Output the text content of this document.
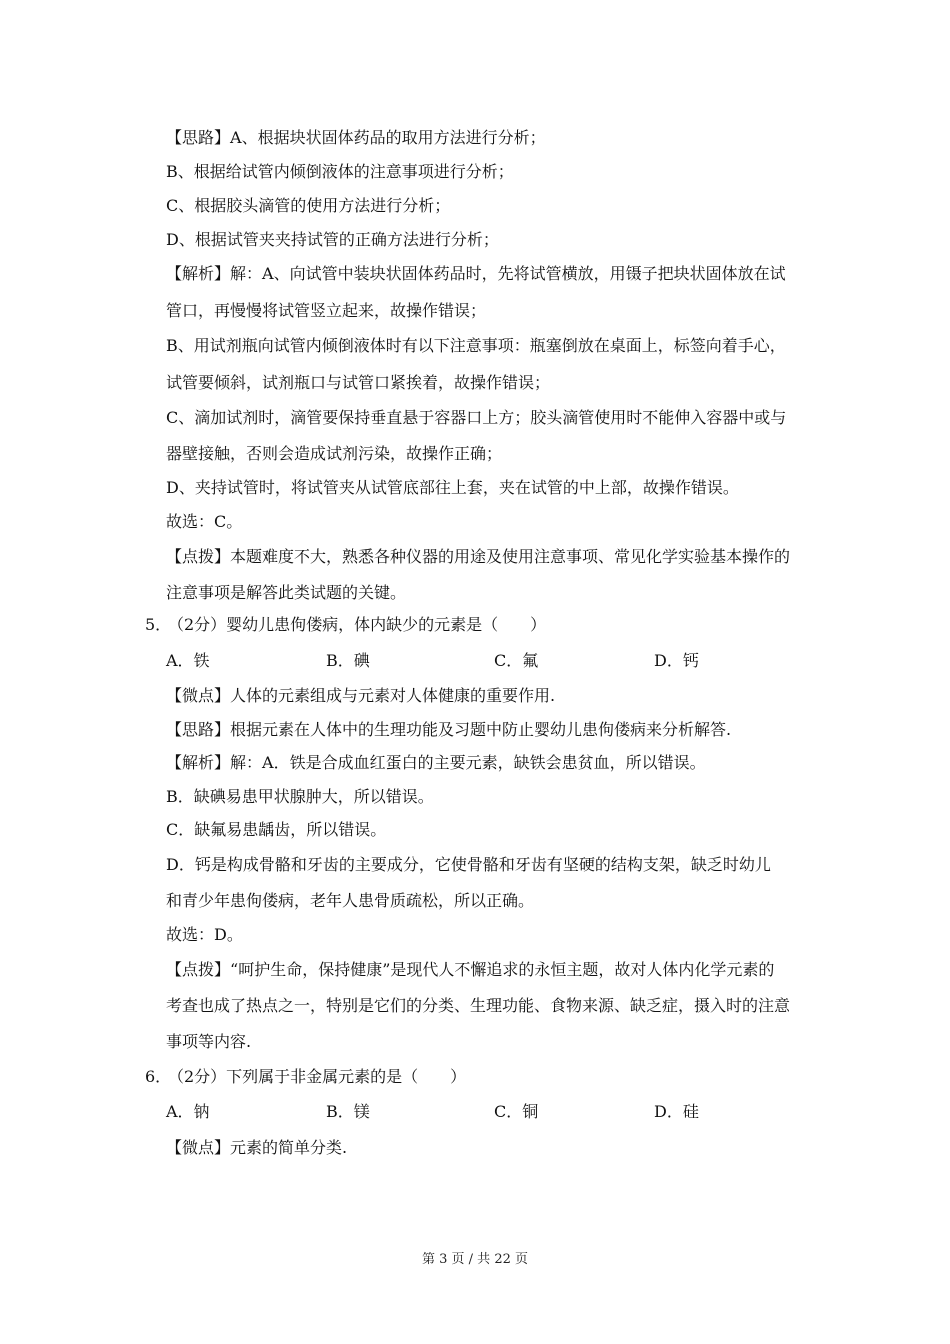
【思路】A、根据块状固体药品的取用方法进行分析；
B、根据给试管内倾倒液体的注意事项进行分析；
C、根据胶头滴管的使用方法进行分析；
D、根据试管夹夹持试管的正确方法进行分析；
【解析】解：A、向试管中装块状固体药品时，先将试管横放，用镊子把块状固体放在试
管口，再慢慢将试管竖立起来，故操作错误；
B、用试剂瓶向试管内倾倒液体时有以下注意事项：瓶塞倒放在桌面上，标签向着手心，
试管要倾斜，试剂瓶口与试管口紧挨着，故操作错误；
C、滴加试剂时，滴管要保持垂直悬于容器口上方；胶头滴管使用时不能伸入容器中或与
器壁接触，否则会造成试剂污染，故操作正确；
D、夹持试管时，将试管夹从试管底部往上套，夹在试管的中上部，故操作错误。
故选：C。
【点拨】本题难度不大，熟悉各种仪器的用途及使用注意事项、常见化学实验基本操作的
注意事项是解答此类试题的关键。
5．
（2分）婴幼儿患佝偻病，体内缺少的元素是（　　）
A．铁	B．碘	C．氟	D．钙
【微点】人体的元素组成与元素对人体健康的重要作用.
【思路】根据元素在人体中的生理功能及习题中防止婴幼儿患佝偻病来分析解答.
【解析】解：A．铁是合成血红蛋白的主要元素，缺铁会患贫血，所以错误。
B．缺碘易患甲状腺肿大，所以错误。
C．缺氟易患龋齿，所以错误。
D．钙是构成骨骼和牙齿的主要成分，它使骨骼和牙齿有坚硬的结构支架，缺乏时幼儿
和青少年患佝偻病，老年人患骨质疏松，所以正确。
故选：D。
【点拨】“呵护生命，保持健康”是现代人不懈追求的永恒主题，故对人体内化学元素的
考查也成了热点之一，特别是它们的分类、生理功能、食物来源、缺乏症，摄入时的注意
事项等内容.
6．
（2分）下列属于非金属元素的是（　　）
A．钠	B．镁	C．铜	D．硅
【微点】元素的简单分类.
第 3 页 / 共 22 页
